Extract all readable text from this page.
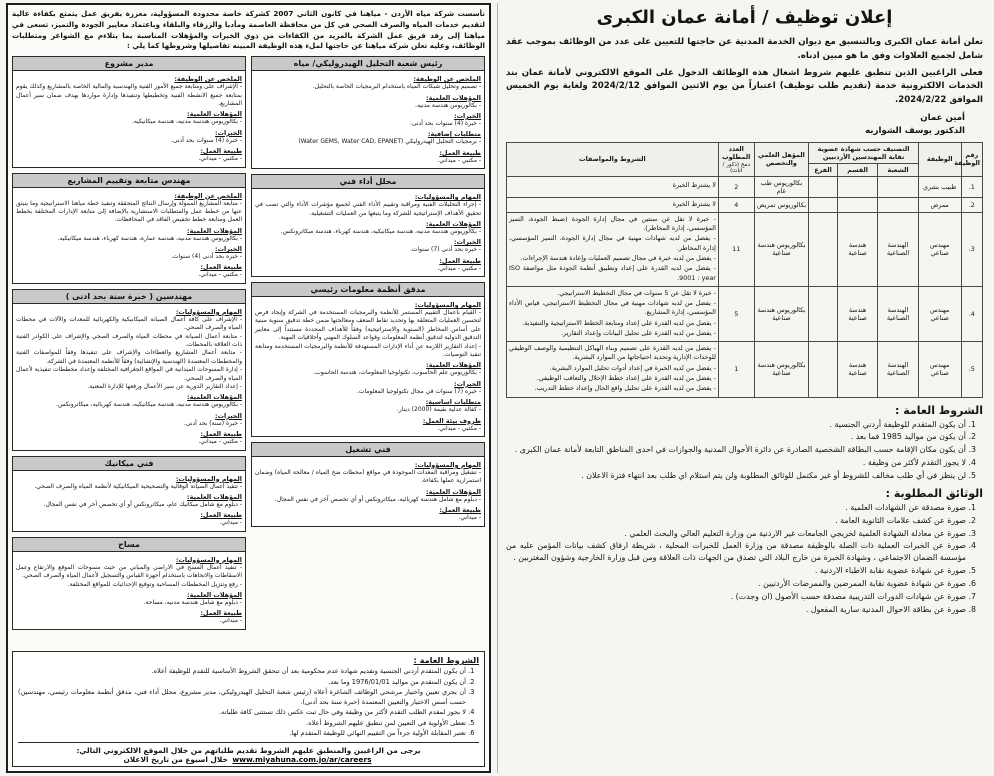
إعلان توظيف / أمانة عمان الكبرى

تعلن أمانة عمان الكبرى وبالتنسيق مع ديوان الخدمة المدنية عن حاجتها للتعيين على عدد من الوظائف بموجب عقد شامل لجميع العلاوات وفق ما هو مبين ادناه.

فعلى الراغبين الذين تنطبق عليهم شروط اشغال هذه الوظائف الدخول على الموقع الالكتروني لأمانة عمان بند الخدمات الالكترونية خدمة (تقديم طلب توظيف) اعتباراً من يوم الاثنين الموافق 2024/2/12 ولغاية يوم الخميس الموافق 2024/2/22.

أمين عمان
الدكتور يوسف الشواربه
رقم الوظيفة	الوظيفة	التصنيف حسب شهادة عضوية نقابة المهندسين الأردنيين			المؤهل العلمي والتخصص	العدد المطلوب
دمج (ذكور / اناث)	الشروط والمواصفات
		الشعبة	القسم	الفرع			
1.	طبيب بشري				بكالوريوس طب عام	2	لا يشترط الخبرة

2.	ممرض				بكالوريوس تمريض	4	لا يشترط الخبرة

3.	مهندس صناعي	الهندسة الصناعية	هندسة صناعية		بكالوريوس هندسة صناعية	11	- خبرة لا تقل عن سنتين في مجال إدارة الجودة (ضبط الجودة، التميز المؤسسي، إدارة المخاطر).
- يفضل من لديه شهادات مهنية في مجال إدارة الجودة، التميز المؤسسي، إدارة المخاطر.
- يفضل من لديه خبرة في مجال تصميم العمليات وإعادة هندسة الإجراءات.
- يفضل من لديه القدرة على إعداد وتطبيق أنظمة الجودة مثل مواصفة ISO 9001 : year.

4.	مهندس صناعي	الهندسة الصناعية	هندسة صناعية		بكالوريوس هندسة صناعية	5	- خبرة لا تقل عن 5 سنوات في مجال التخطيط الاستراتيجي.
- يفضل من لديه شهادات مهنية في مجال التخطيط الاستراتيجي، قياس الأداء المؤسسي، إدارة المشاريع.
- يفضل من لديه القدرة على إعداد ومتابعة الخطط الاستراتيجية والتنفيذية.
- يفضل من لديه القدرة على تحليل البيانات وإعداد التقارير.

5.	مهندس صناعي	الهندسة الصناعية	هندسة صناعية		بكالوريوس هندسة صناعية	1	- يفضل من لديه القدرة على تصميم وبناء الهياكل التنظيمية والوصف الوظيفي للوحدات الإدارية وتحديد احتياجاتها من الموارد البشرية.
- يفضل من لديه الخبرة في إعداد أدوات تحليل الموارد البشرية.
- يفضل من لديه القدرة على إعداد خطط الإحلال والتعاقب الوظيفي.
- يفضل من لديه القدرة على تحليل واقع الحال وإعداد خطط التدريب.
الشروط العامة :
1. أن يكون المتقدم للوظيفة أردني الجنسية .
2. أن يكون من مواليد 1985 فما بعد .
3. أن يكون مكان الإقامة حسب البطاقة الشخصية الصادرة عن دائرة الأحوال المدنية والجوازات في احدى المناطق التابعة لأمانة عمان الكبرى .
4. لا يجوز التقدم لأكثر من وظيفة .
5. لن ينظر في أي طلب مخالف للشروط أو غير مكتمل للوثائق المطلوبة ولن يتم استلام اي طلب بعد انتهاء فترة الاعلان .
الوثائق المطلوبة :
1. صورة مصدقة عن الشهادات العلمية .
2. صورة عن كشف علامات الثانوية العامة .
3. صورة عن معادلة الشهادة العلمية لخريجي الجامعات غير الاردنية من وزارة التعليم العالي والبحث العلمي .
4. صورة عن الخبرات العملية ذات الصلة بالوظيفة مصدقة من وزارة العمل للخبرات المحلية ، شريطة ارفاق كشف بيانات المؤمن عليه من مؤسسة الضمان الاجتماعي ، وشهادة الخبرة من خارج البلاد التي تصدق من الجهات ذات العلاقة ومن قبل وزارة الخارجية وشؤون المغتربين .
5. صورة عن شهادة عضوية نقابة الاطباء الاردنية .
6. صورة عن شهادة عضوية نقابة الممرضين والممرضات الأردنيين .
7. صورة عن شهادات الدورات التدريبية مصدقة حسب الأصول (ان وجدت) .
8. صورة عن بطاقة الاحوال المدنية سارية المفعول .

تأسست شركة مياه الأردن - مياهنا في كانون الثاني 2007 كشركة خاصة محدودة المسؤولية، معززة بفريق عمل يتمتع بكفاءة عالية لتقديم خدمات المياه والصرف الصحي في كل من محافظة العاصمة ومأدبا والزرقاء والبلقاء وباعتماد معايير الجودة والتميز، تسعى في مياهنا إلى رفد فريق عمل الشركة بالمزيد من الكفاءات من ذوي الخبرات والمؤهلات المناسبة بما يتلاءم مع الشواغر ومتطلبات الوظائف، وعليه تعلن شركة مياهنا عن حاجتها لملء هذه الوظيفة المبينه تفاصيلها وشروطها كما يلي :

رئيس شعبة التحليل الهيدروليكي/ مياه
الملخص عن الوظيفة:
- تصميم وتحليل شبكات المياه باستخدام البرمجيات الخاصة بالتحليل.
المؤهلات العلمية:
- بكالوريوس هندسة مدنيه.
الخبرات:
- خبرة (4) سنوات بحد أدنى.
متطلبات إضافية:
- برمجيات التحليل الهيدروليكي (Water GEMS, Water CAD, EPANET)
طبيعة العمل:
- مكتبي - ميداني.
محلل أداء فني
المهام والمسؤوليات:
- إجراء التحليلات الفنية ومراقبة وتقييم الأداء الفني لجميع مؤشرات الأداء والتي تصب في تحقيق الأهداف الإستراتيجية للشركة وما يتبعها من العمليات التشغيلية.
المؤهلات العلمية:
- بكالوريوس هندسة مدنيه، هندسة ميكانيكيه، هندسة كهرباء، هندسة ميكاترونكس.
الخبرات:
- خبره بحد أدنى (7) سنوات.
طبيعة العمل:
- مكتبي - ميداني.
مدقق أنظمة معلومات رئيسي
المهام والمسؤوليات:
- القيام بأعمال التقييم المستمر للأنظمة والبرمجيات المستخدمة في الشركة وإيجاد فرص لتحسين العمليات المتعلقة بها وتحديد نقاط الضعف ومعالجتها ضمن خطة تدقيق سنوية مبنية على أساس المخاطر (السنوية والاستراتيجية) وفقاً للأهداف المحددة مستنداً إلى معايير التدقيق الدولية لتدقيق أنظمة المعلومات وقواعد السلوك المهني وأخلاقيات المهنة.
- إعداد التقارير اللازمة عن أداء الإدارات المستهدفة للأنظمة والبرمجيات المستخدمة ومتابعة تنفيذ التوصيات.
المؤهلات العلمية:
- بكالوريوس علم الحاسوب، تكنولوجيا المعلومات، هندسة الحاسوب.
الخبرات:
- خبره (7) سنوات في مجال تكنولوجيا المعلومات.
متطلبات اساسية:
- كفالة عدلية بقيمة (2000) دينار.
ظروف بيئة العمل:
- مكتبي - ميداني.
فني تشغيل
المهام والمسؤوليات:
- تشغيل ومراقبة المعدات الموجودة في مواقع (محطات ضخ المياه / معالجة المياه) وضمان استمرارية عملها بكفاءة.
المؤهلات العلمية:
- دبلوم مع شامل هندسة كهربائيه، ميكاترونكس أو أي تخصص آخر في نفس المجال.
طبيعة العمل:
- ميداني.
مدير مشروع
الملخص عن الوظيفة:
- الإشراف على ومتابعة جميع الأمور الفنية والهندسية والمالية الخاصة بالمشاريع وكذلك يقوم بمتابعة جميع الانشطة الفنية وتخطيطها وتنفيذها وإدارة مواردها بهدف ضمان سير أعمال المشاريع.
المؤهلات العلمية:
- بكالوريوس هندسة مدنيه، هندسة ميكانيكيه.
الخبرات:
- خبرة (4) سنوات بحد أدنى.
طبيعة العمل:
- مكتبي - ميداني.
مهندس متابعة وتقييم المشاريع
الملخص عن الوظيفة:
- متابعة المشاريع الممولة وإرسال النتائج المتحققة وتنفيذ خطة مياهنا الاستراتيجية وما ينبثق عنها من خطط عمل والمتطلبات الاستشارية بالإضافة إلى متابعة الإدارات المختلفة بخطط العمل ومتابعة خطط تخفيض الفاقد في المحافظات.
المؤهلات العلمية:
- بكالوريوس هندسة مدنيه، هندسة عماره، هندسة كهرباء، هندسة ميكانيكيه.
الخبرات:
- خبره بحد أدنى (4) سنوات.
طبيعة العمل:
- مكتبي - ميداني.
مهندسين ( خبرة سنة بحد ادنى )
المهام والمسؤوليات:
- الإشراف على كافة أعمال الصيانة الميكانيكية والكهربائية للمعدات والآلات في محطات المياه والصرف الصحي.
- متابعة أعمال الصيانة في محطات المياه والصرف الصحي والإشراف على الكوادر الفنية ذات العلاقة بالمحطات.
- متابعة أعمال المشاريع والعطاءات والإشراف على تنفيذها وفقاً للمواصفات الفنية والمخططات المعتمدة (الهندسية والإنشائية) وفقاً للأنظمة المعتمدة في الشركة.
- إدارة المسوحات الميدانية في المواقع الجغرافية المختلفة وإعداد مخططات تنفيذية لأعمال المياه والصرف الصحي.
- إعداد التقارير الدورية عن سير الأعمال ورفعها للإدارة المعنية.
المؤهلات العلمية:
- بكالوريوس هندسة مدنيه، هندسة ميكانيكيه، هندسة كهربائيه، ميكاترونكس.
الخبرات:
- خبرة (سنة) بحد أدنى.
طبيعة العمل:
- مكتبي - ميداني.
فني ميكانيك
المهام والمسؤوليات:
- تنفيذ أعمال الصيانة الوقائية والتصحيحية الميكانيكية لأنظمة المياه والصرف الصحي.
المؤهلات العلمية:
- دبلوم مع شامل ميكانيك عام، ميكاترونكس أو أي تخصص آخر في نفس المجال.
طبيعة العمل:
- ميداني.
مساح
المهام والمسؤوليات:
- تنفيذ أعمال المسح في الاراضي والمباني من حيث مسوحات الموقع والارتفاع وعمل الاسقاطات والاتجاهات باستخدام أجهزة القياس والتسجيل لأعمال المياه والصرف الصحي.
- رفع وتنزيل المخططات المساحية وتوقيع الإحداثيات للمواقع المختلفة.
المؤهلات العلمية:
- دبلوم مع شامل هندسة مدنيه، مساحة.
طبيعة العمل:
- ميداني.
الشروط العامة :
1. أن يكون المتقدم أردني الجنسية وتقديم شهادة عدم محكومية بعد أن تتحقق الشروط الأساسية للتقدم للوظيفة أعلاه.
2. أن يكون المتقدم من مواليد 1976/01/01 وما بعد.
3. أن يجري تعيين واختيار مرشحي الوظائف الشاغرة أعلاه (رئيس شعبة التحليل الهيدروليكي، مدير مشروع، محلل أداء فني، مدقق أنظمة معلومات رئيسي، مهندسين) حسب أسس الاختيار والتعيين المعتمدة (خبرة سنة بحد أدنى).
4. لا يجوز لمقدم الطلب التقدم لأكثر من وظيفة وفي حال ثبت عكس ذلك تستثنى كافة طلباته.
5. تعطى الأولوية في التعيين لمن تنطبق عليهم الشروط أعلاه.
6. تعتبر المقابلة الأولية جزءاً من التقييم النهائي للوظيفة المتقدم لها.

يرجى من الراغبين والمنطبق عليهم الشروط تقديم طلباتهم من خلال الموقع الالكتروني التالي: www.miyahuna.com.jo/ar/careers خلال اسبوع من تاريخ الاعلان
